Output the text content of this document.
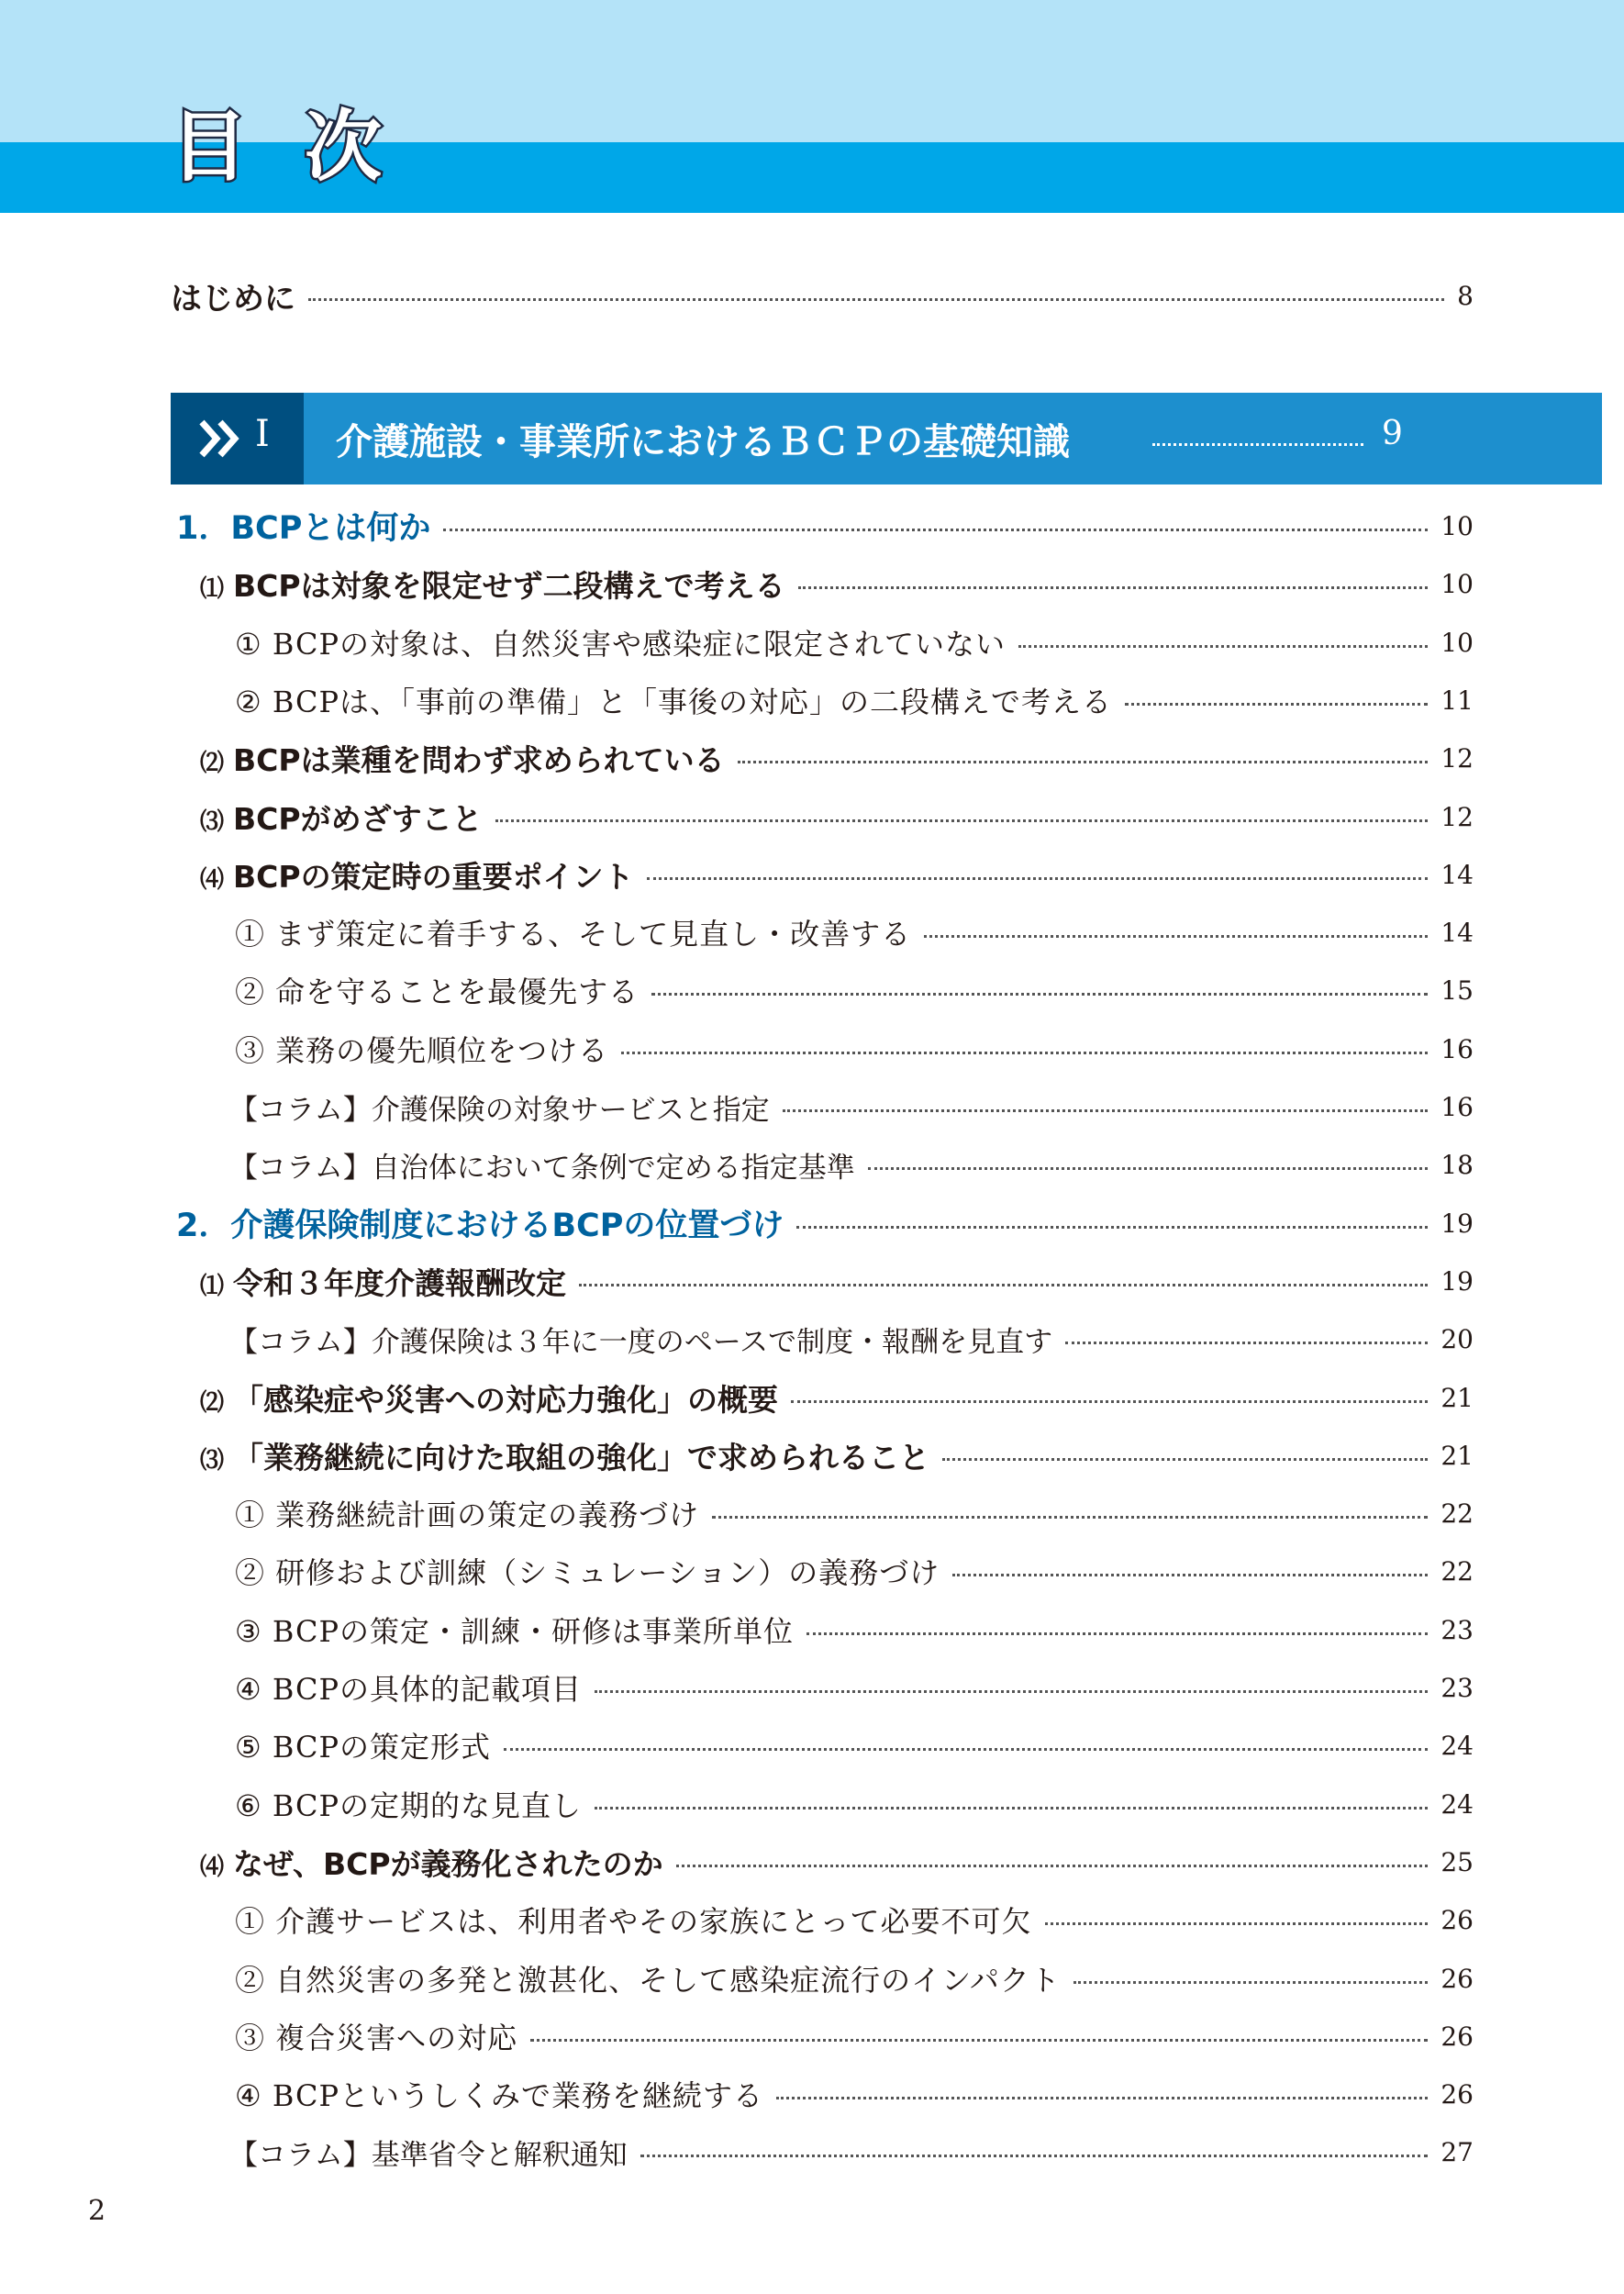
目次
はじめに	8
Ⅰ 介護施設・事業所におけるＢＣＰの基礎知識	9
1．BCPとは何か	10
⑴ BCPは対象を限定せず二段構えで考える	10
① BCPの対象は、自然災害や感染症に限定されていない	10
② BCPは、「事前の準備」と「事後の対応」の二段構えで考える	11
⑵ BCPは業種を問わず求められている	12
⑶ BCPがめざすこと	12
⑷ BCPの策定時の重要ポイント	14
① まず策定に着手する、そして見直し・改善する	14
② 命を守ることを最優先する	15
③ 業務の優先順位をつける	16
【コラム】介護保険の対象サービスと指定	16
【コラム】自治体において条例で定める指定基準	18
2．介護保険制度におけるBCPの位置づけ	19
⑴ 令和３年度介護報酬改定	19
【コラム】介護保険は３年に一度のペースで制度・報酬を見直す	20
⑵ 「感染症や災害への対応力強化」の概要	21
⑶ 「業務継続に向けた取組の強化」で求められること	21
① 業務継続計画の策定の義務づけ	22
② 研修および訓練（シミュレーション）の義務づけ	22
③ BCPの策定・訓練・研修は事業所単位	23
④ BCPの具体的記載項目	23
⑤ BCPの策定形式	24
⑥ BCPの定期的な見直し	24
⑷ なぜ、BCPが義務化されたのか	25
① 介護サービスは、利用者やその家族にとって必要不可欠	26
② 自然災害の多発と激甚化、そして感染症流行のインパクト	26
③ 複合災害への対応	26
④ BCPというしくみで業務を継続する	26
【コラム】基準省令と解釈通知	27
2
